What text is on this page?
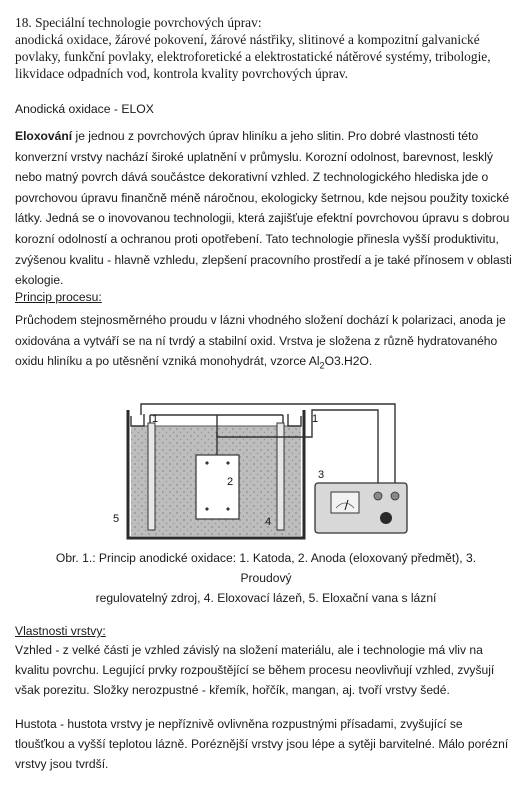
18. Speciální technologie povrchových úprav:
anodická oxidace, žárové pokovení, žárové nástřiky, slitinové a kompozitní galvanické
povlaky, funkční povlaky, elektroforetické a elektrostatické nátěrové systémy, tribologie,
likvidace odpadních vod, kontrola kvality povrchových úprav.
Anodická oxidace - ELOX
Eloxování je jednou z povrchových úprav hliníku a jeho slitin. Pro dobré vlastnosti této
konverzní vrstvy nachází široké uplatnění v průmyslu. Korozní odolnost, barevnost, lesklý
nebo matný povrch dává součástce dekorativní vzhled. Z technologického hlediska jde o
povrchovou úpravu finančně méně náročnou, ekologicky šetrnou, kde nejsou použity toxické
látky. Jedná se o inovovanou technologii, která zajišťuje efektní povrchovou úpravu s dobrou
korozní odolností a ochranou proti opotřebení. Tato technologie přinesla vyšší produktivitu,
zvýšenou kvalitu - hlavně vzhledu, zlepšení pracovního prostředí a je také přínosem v oblasti
ekologie.
Princip procesu:
Průchodem stejnosměrného proudu v lázni vhodného složení dochází k polarizaci, anoda je
oxidována a vytváří se na ní tvrdý a stabilní oxid. Vrstva je složena z různě hydratovaného
oxidu hliníku a po utěsnění vzniká monohydrát, vzorce $Al_2O3.H2O$.
1	1
2
3
4
5
Obr. 1.: Princip anodické oxidace: 1. Katoda, 2. Anoda (eloxovaný předmět), 3. Proudový
regulovatelný zdroj, 4. Eloxovací lázeň, 5. Eloxační vana s lázní
Vlastnosti vrstvy:
Vzhled - z velké části je vzhled závislý na složení materiálu, ale i technologie má vliv na
kvalitu povrchu. Legující prvky rozpouštějící se během procesu neovlivňují vzhled, zvyšují
však porezitu. Složky nerozpustné - křemík, hořčík, mangan, aj. tvoří vrstvy šedé.
Hustota - hustota vrstvy je nepříznivě ovlivněna rozpustnými přísadami, zvyšující se
tloušťkou a vyšší teplotou lázně. Poréznější vrstvy jsou lépe a sytěji barvitelné. Málo porézní
vrstvy jsou tvrdší.
